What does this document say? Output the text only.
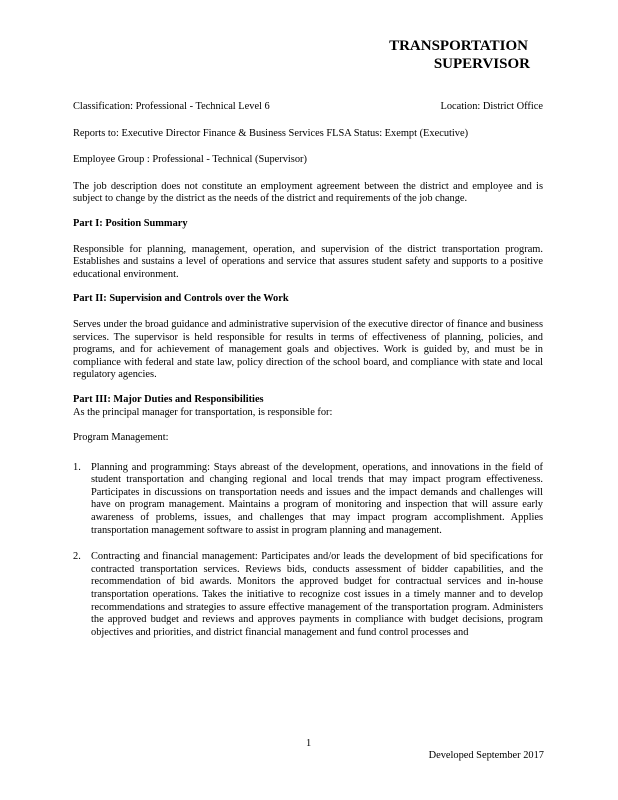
TRANSPORTATION

SUPERVISOR
Classification: Professional - Technical Level 6	Location: District Office

Reports to: Executive Director Finance & Business Services FLSA Status: Exempt (Executive)

Employee Group : Professional - Technical (Supervisor)

The job description does not constitute an employment agreement between the district and employee and is subject to change by the district as the needs of the district and requirements of the job change.

Part I: Position Summary

Responsible for planning, management, operation, and supervision of the district transportation program. Establishes and sustains a level of operations and service that assures student safety and supports to a positive educational environment.

Part II: Supervision and Controls over the Work

Serves under the broad guidance and administrative supervision of the executive director of finance and business services. The supervisor is held responsible for results in terms of effectiveness of planning, policies, and programs, and for achievement of management goals and objectives. Work is guided by, and must be in compliance with federal and state law, policy direction of the school board, and compliance with state and local regulatory agencies.

Part III: Major Duties and Responsibilities

As the principal manager for transportation, is responsible for:

Program Management:

1. Planning and programming: Stays abreast of the development, operations, and innovations in the field of student transportation and changing regional and local trends that may impact program effectiveness. Participates in discussions on transportation needs and issues and the impact demands and challenges will have on program management. Maintains a program of monitoring and inspection that will assure early awareness of problems, issues, and challenges that may impact program accomplishment. Applies transportation management software to assist in program planning and management.
2. Contracting and financial management: Participates and/or leads the development of bid specifications for contracted transportation services. Reviews bids, conducts assessment of bidder capabilities, and the recommendation of bid awards. Monitors the approved budget for contractual services and in-house transportation operations. Takes the initiative to recognize cost issues in a timely manner and to develop recommendations and strategies to assure effective management of the transportation program. Administers the approved budget and reviews and approves payments in compliance with budget decisions, program objectives and priorities, and district financial management and fund control processes and
1
Developed September 2017
